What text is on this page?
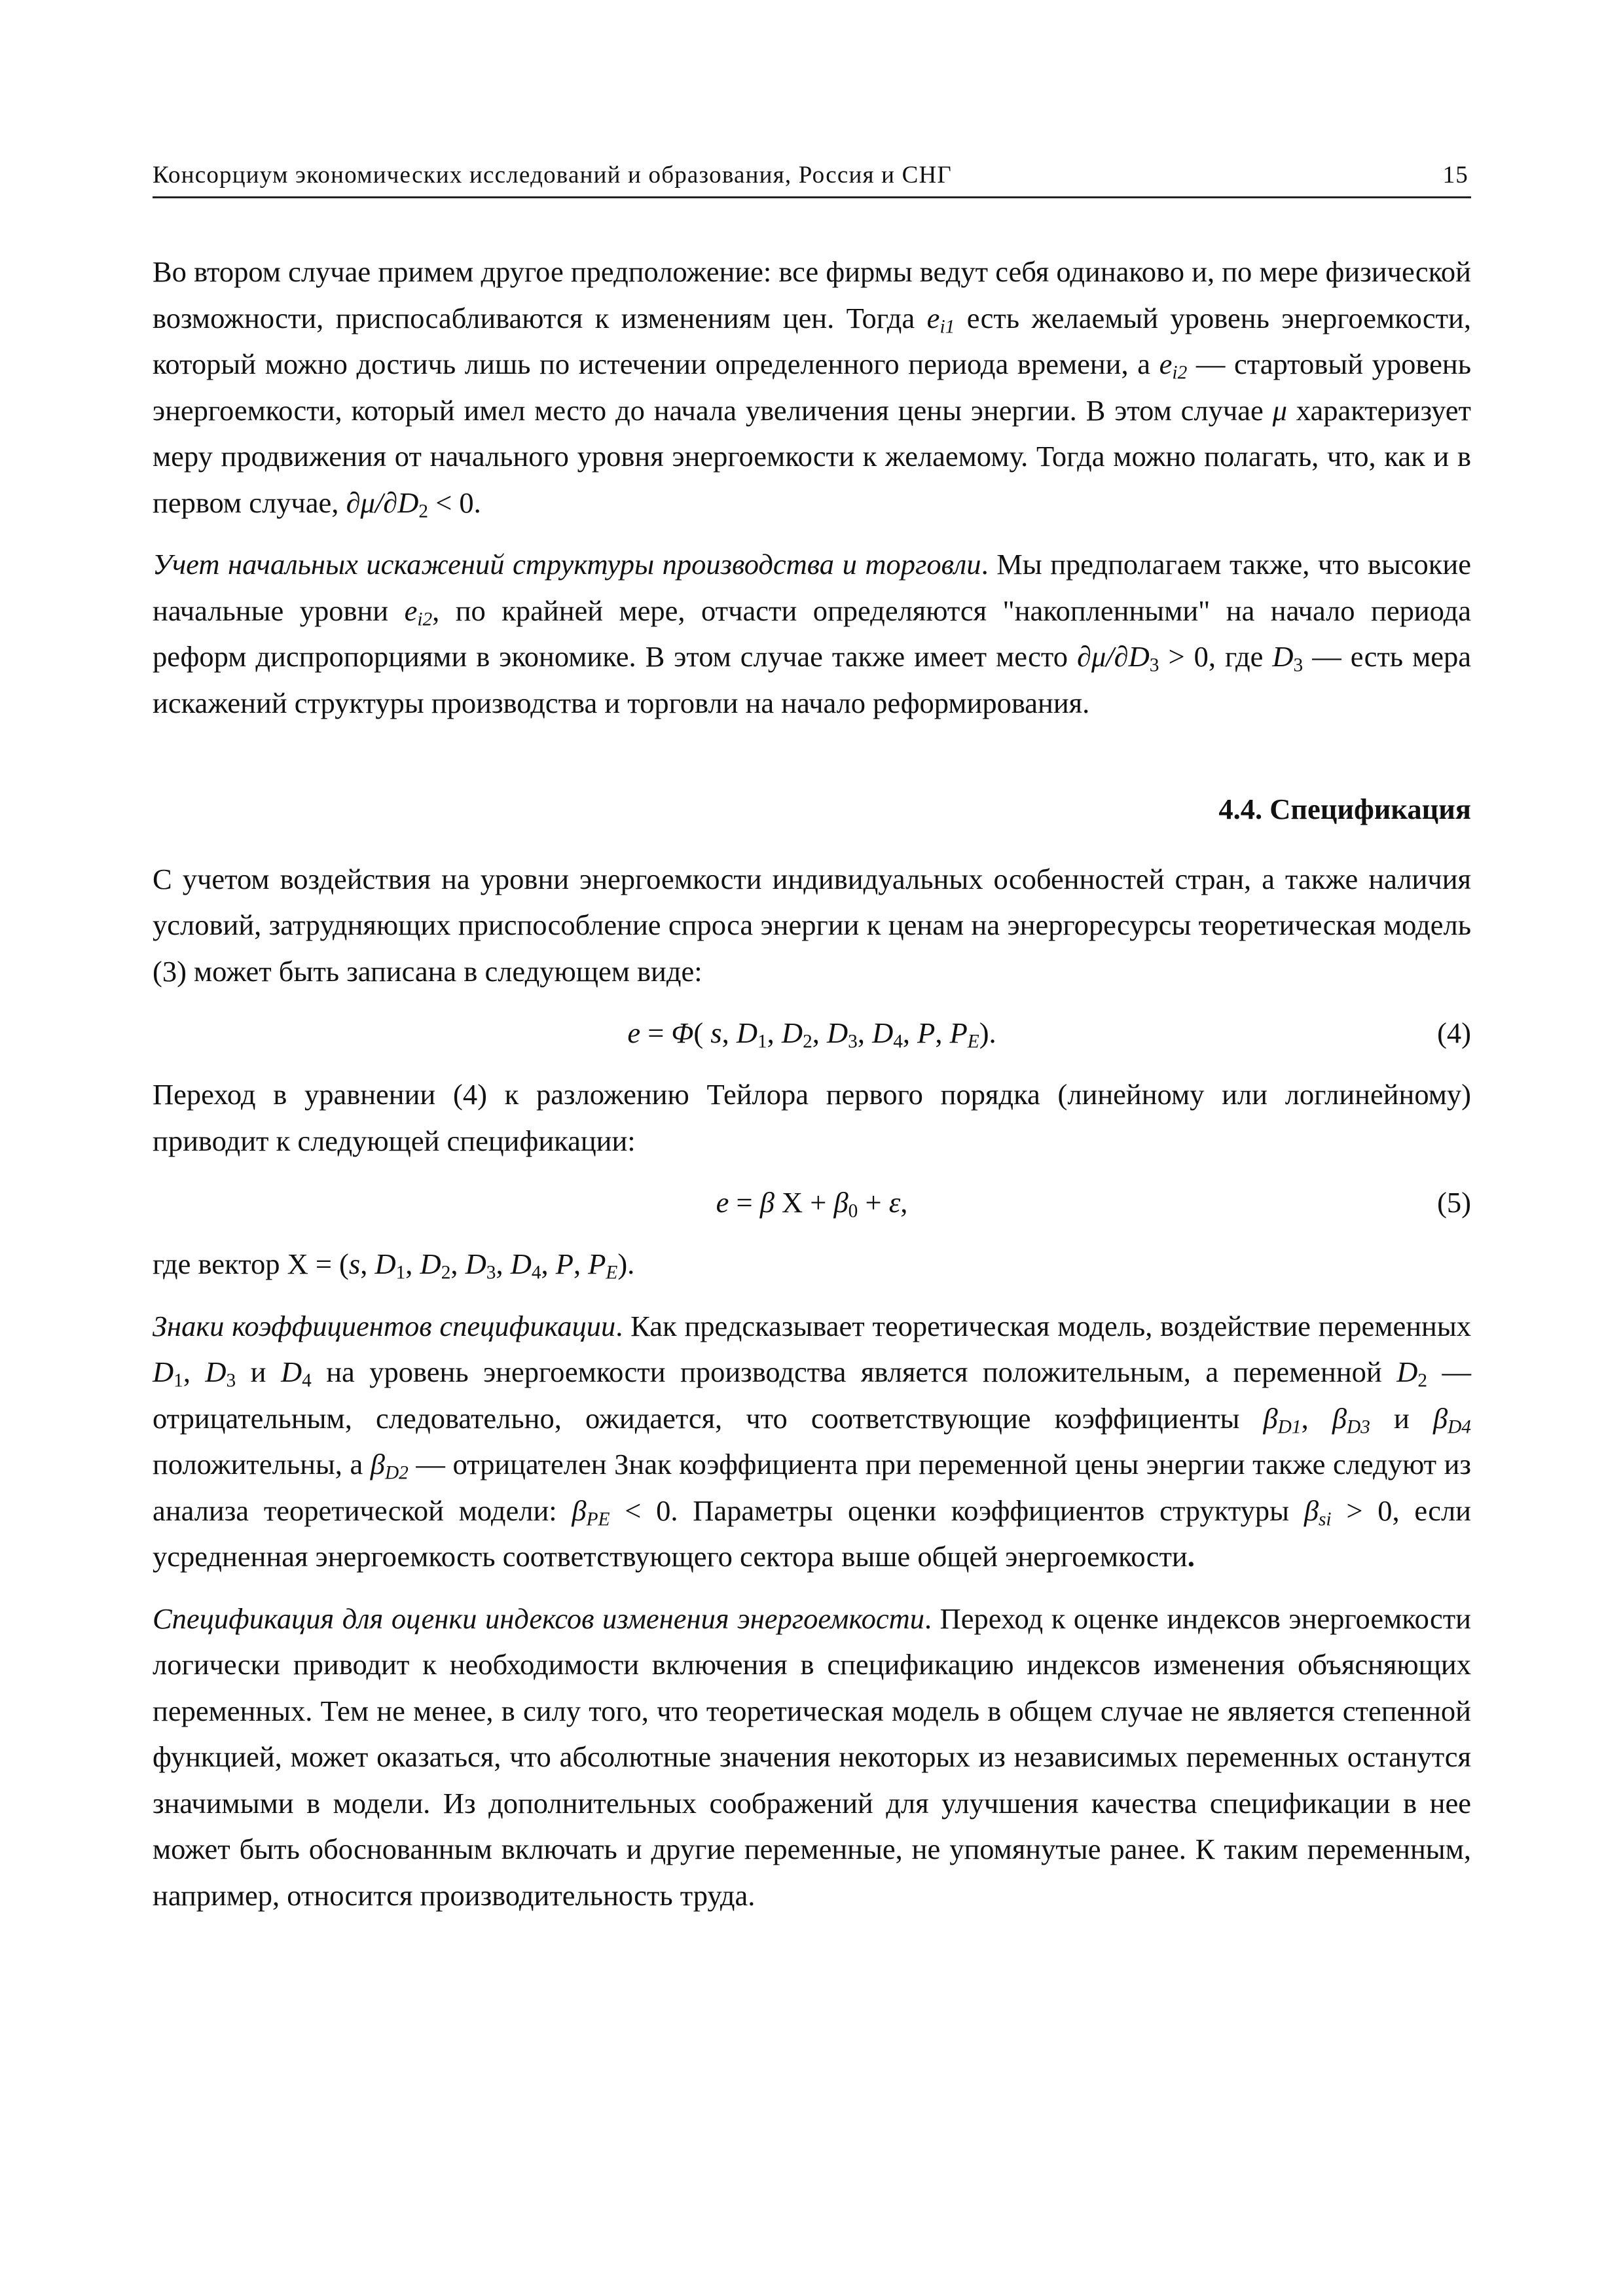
Консорциум экономических исследований и образования, Россия и СНГ	15

Во втором случае примем другое предположение: все фирмы ведут себя одинаково и, по мере физической возможности, приспосабливаются к изменениям цен. Тогда $e_{i1}$ есть желаемый уровень энергоемкости, который можно достичь лишь по истечении определенного периода времени, а $e_{i2}$ — стартовый уровень энергоемкости, который имел место до начала увеличения цены энергии. В этом случае μ характеризует меру продвижения от начального уровня энергоемкости к желаемому. Тогда можно полагать, что, как и в первом случае, $\partial\mu/\partial D_2 < 0$.

Учет начальных искажений структуры производства и торговли. Мы предполагаем также, что высокие начальные уровни $e_{i2}$, по крайней мере, отчасти определяются "накопленными" на начало периода реформ диспропорциями в экономике. В этом случае также имеет место $\partial\mu/\partial D_3 > 0$, где $D_3$ — есть мера искажений структуры производства и торговли на начало реформирования.

4.4. Спецификация

С учетом воздействия на уровни энергоемкости индивидуальных особенностей стран, а также наличия условий, затрудняющих приспособление спроса энергии к ценам на энергоресурсы теоретическая модель (3) может быть записана в следующем виде:

e = Φ( s, $D_1$, $D_2$, $D_3$, $D_4$, P, $P_E$).	(4)

Переход в уравнении (4) к разложению Тейлора первого порядка (линейному или логлинейному) приводит к следующей спецификации:

e = β $X + \beta_0 + \varepsilon$,	(5)

где вектор X = (s, $D_1$, $D_2$, $D_3$, $D_4$, P, $P_E$).

Знаки коэффициентов спецификации. Как предсказывает теоретическая модель, воздействие переменных $D_1$, $D_3$ и $D_4$ на уровень энергоемкости производства является положительным, а переменной $D_2$ — отрицательным, следовательно, ожидается, что соответствующие коэффициенты $\beta_{D1}$, $\beta_{D3}$ и $\beta_{D4}$ положительны, а $\beta_{D2}$ — отрицателен Знак коэффициента при переменной цены энергии также следуют из анализа теоретической модели: $\beta_{PE} < 0$. Параметры оценки коэффициентов структуры $\beta_{si} > 0$, если усредненная энергоемкость соответствующего сектора выше общей энергоемкости.

Спецификация для оценки индексов изменения энергоемкости. Переход к оценке индексов энергоемкости логически приводит к необходимости включения в спецификацию индексов изменения объясняющих переменных. Тем не менее, в силу того, что теоретическая модель в общем случае не является степенной функцией, может оказаться, что абсолютные значения некоторых из независимых переменных останутся значимыми в модели. Из дополнительных соображений для улучшения качества спецификации в нее может быть обоснованным включать и другие переменные, не упомянутые ранее. К таким переменным, например, относится производительность труда.
